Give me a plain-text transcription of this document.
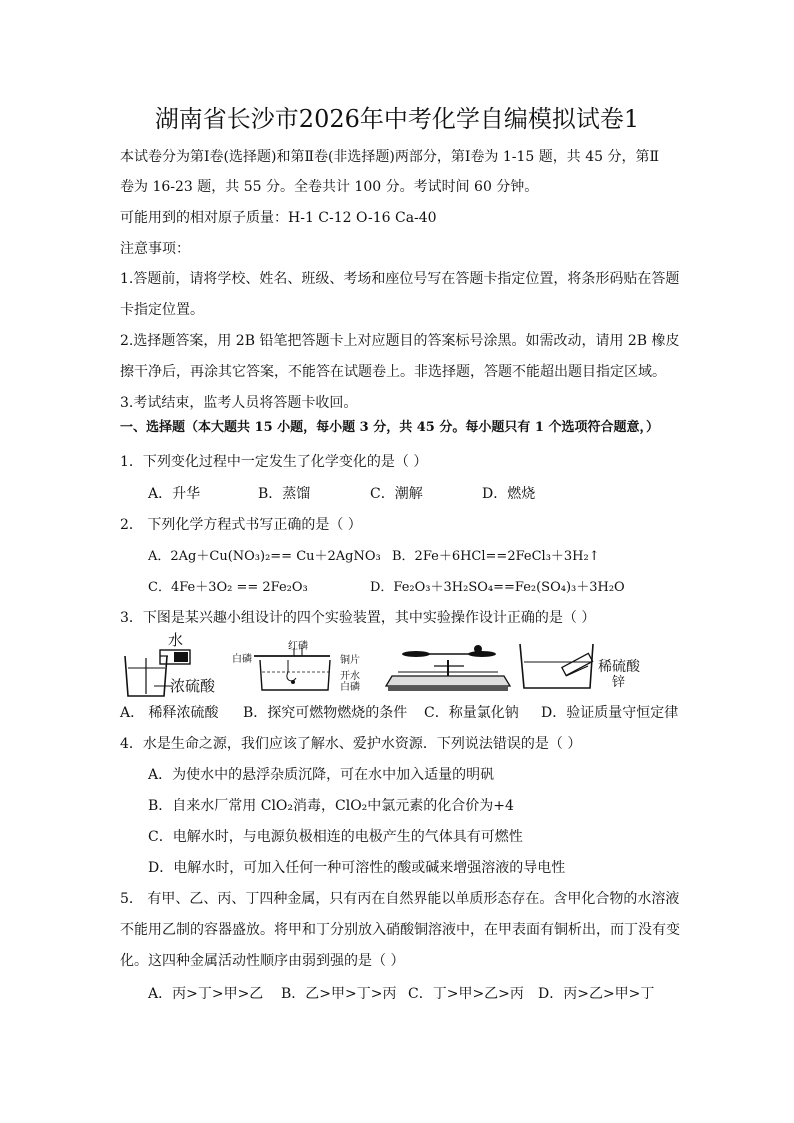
湖南省长沙市2026年中考化学自编模拟试卷1
本试卷分为第Ⅰ卷(选择题)和第Ⅱ卷(非选择题)两部分，第Ⅰ卷为 1-15 题，共 45 分，第Ⅱ
卷为 16-23 题，共 55 分。全卷共计 100 分。考试时间 60 分钟。
可能用到的相对原子质量：H-1 C-12 O-16 Ca-40
注意事项：
1.答题前，请将学校、姓名、班级、考场和座位号写在答题卡指定位置，将条形码贴在答题
卡指定位置。
2.选择题答案，用 2B 铅笔把答题卡上对应题目的答案标号涂黑。如需改动，请用 2B 橡皮
擦干净后，再涂其它答案，不能答在试题卷上。非选择题，答题不能超出题目指定区域。
3.考试结束，监考人员将答题卡收回。
一、选择题（本大题共 15 小题，每小题 3 分，共 45 分。每小题只有 1 个选项符合题意，）
1．下列变化过程中一定发生了化学变化的是（ ）
A．升华	B．蒸馏	C．潮解	D．燃烧
2． 下列化学方程式书写正确的是（ ）
A．2Ag＋Cu(NO₃)₂== Cu＋2AgNO₃ B．2Fe＋6HCl==2FeCl₃＋3H₂↑
C．4Fe＋3O₂ == 2Fe₂O₃	D．Fe₂O₃＋3H₂SO₄==Fe₂(SO₄)₃＋3H₂O
3．下图是某兴趣小组设计的四个实验装置，其中实验操作设计正确的是（ ）
水
浓硫酸
红磷
白磷	铜片
开水
白磷
稀硫酸
锌
A． 稀释浓硫酸 B．探究可燃物燃烧的条件 C．称量氯化钠 D．验证质量守恒定律
4．水是生命之源，我们应该了解水、爱护水资源．下列说法错误的是（ ）
A．为使水中的悬浮杂质沉降，可在水中加入适量的明矾
B．自来水厂常用 ClO₂消毒，ClO₂中氯元素的化合价为+4
C．电解水时，与电源负极相连的电极产生的气体具有可燃性
D．电解水时，可加入任何一种可溶性的酸或碱来增强溶液的导电性
5． 有甲、乙、丙、丁四种金属，只有丙在自然界能以单质形态存在。含甲化合物的水溶液
不能用乙制的容器盛放。将甲和丁分别放入硝酸铜溶液中，在甲表面有铜析出，而丁没有变
化。这四种金属活动性顺序由弱到强的是（ ）
A．丙>丁>甲>乙 B．乙>甲>丁>丙 C．丁>甲>乙>丙 D．丙>乙>甲>丁
